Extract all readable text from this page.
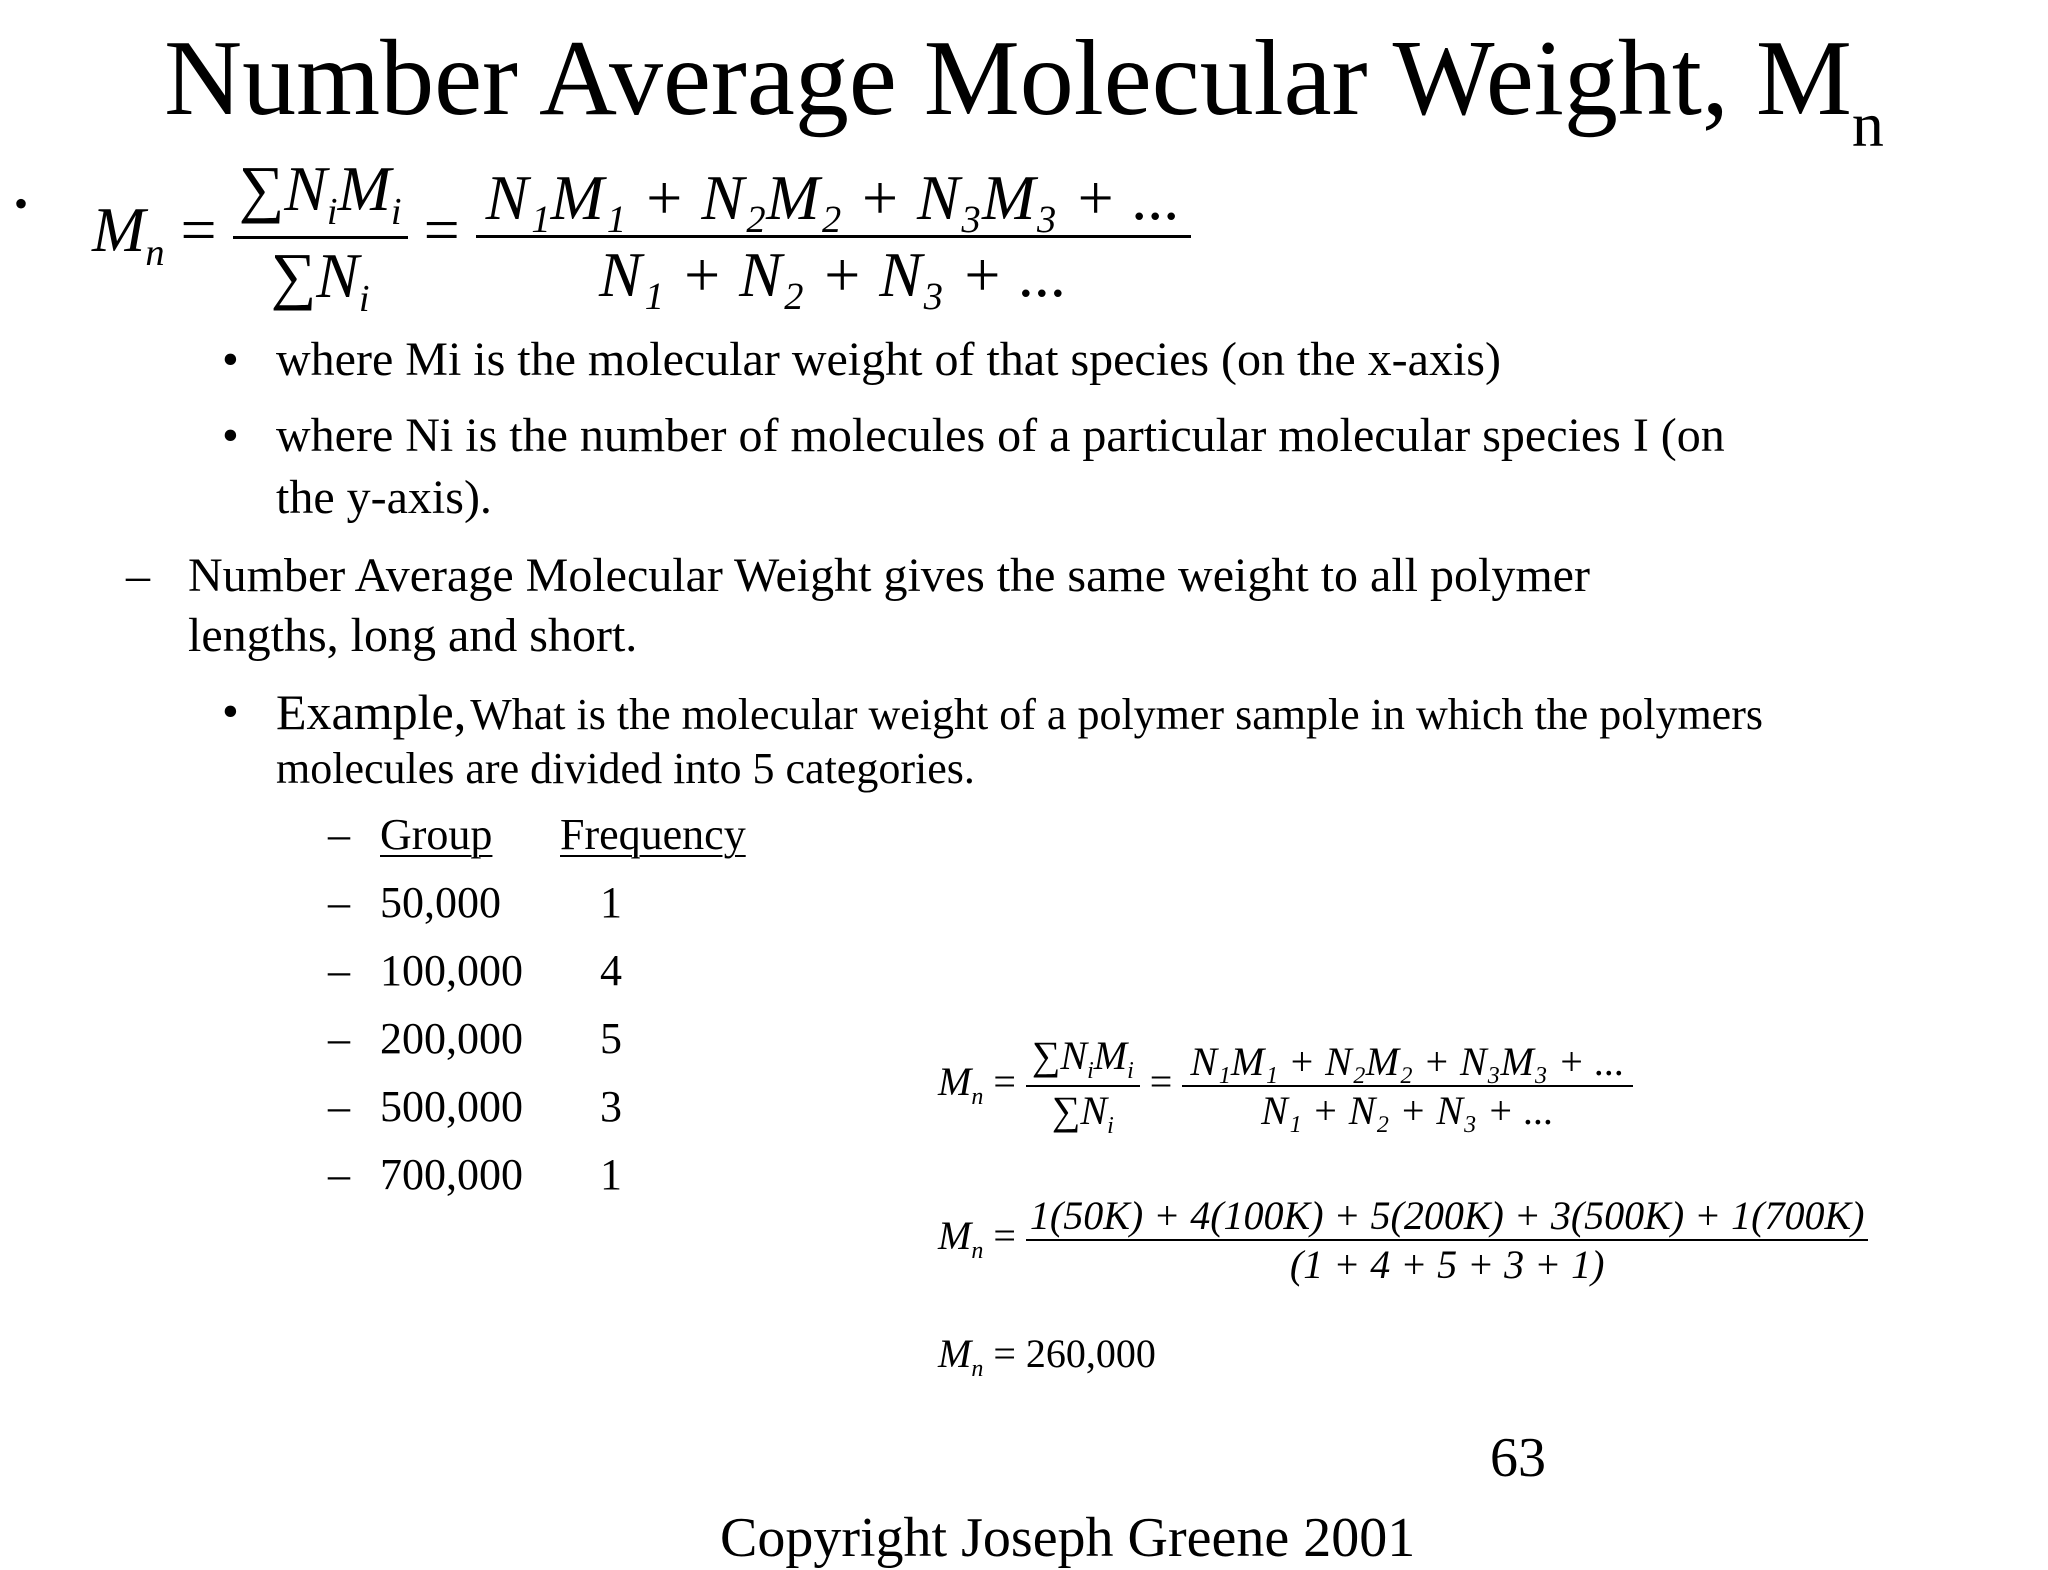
Number Average Molecular Weight, $M_n$
• $M_n = \frac{\sum N_iM_i}{\sum N_i} = \frac{\text{N₁M₁ + N₂M₂ + N₃M₃ + ...}}{\text{N₁ + N₂ + N₃ + ...}}$
• where Mi is the molecular weight of that species (on the x-axis)
• where Ni is the number of molecules of a particular molecular species I (on
the y-axis).
– Number Average Molecular Weight gives the same weight to all polymer
lengths, long and short.
• Example, What is the molecular weight of a polymer sample in which the polymers
molecules are divided into 5 categories.
– Group Frequency
– 50,000 1
– 100,000 4
– 200,000 5
– 500,000 3
– 700,000 1
$M_n = \frac{\sum N_iM_i}{\sum N_i} = \frac{\text{N₁M₁ + N₂M₂ + N₃M₃ + ...}}{\text{N₁ + N₂ + N₃ + ...}}$
$M_n = \frac{1(50K) + 4(100K) + 5(200K) + 3(500K) + 1(700K)}{(1 + 4 + 5 + 3 + 1)}$
$M_n = 260,000$
63
Copyright Joseph Greene 2001
